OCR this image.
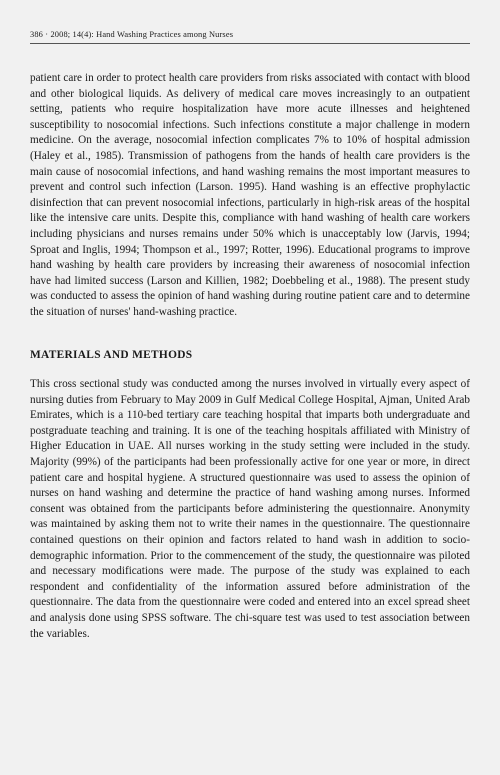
386 · 2008; 14(4): Hand Washing Practices among Nurses

patient care in order to protect health care providers from risks associated with contact with blood and other biological liquids. As delivery of medical care moves increasingly to an outpatient setting, patients who require hospitalization have more acute illnesses and heightened susceptibility to nosocomial infections. Such infections constitute a major challenge in modern medicine. On the average, nosocomial infection complicates 7% to 10% of hospital admission (Haley et al., 1985). Transmission of pathogens from the hands of health care providers is the main cause of nosocomial infections, and hand washing remains the most important measures to prevent and control such infection (Larson. 1995). Hand washing is an effective prophylactic disinfection that can prevent nosocomial infections, particularly in high-risk areas of the hospital like the intensive care units. Despite this, compliance with hand washing of health care workers including physicians and nurses remains under 50% which is unacceptably low (Jarvis, 1994; Sproat and Inglis, 1994; Thompson et al., 1997; Rotter, 1996). Educational programs to improve hand washing by health care providers by increasing their awareness of nosocomial infection have had limited success (Larson and Killien, 1982; Doebbeling et al., 1988). The present study was conducted to assess the opinion of hand washing during routine patient care and to determine the situation of nurses' hand-washing practice.

MATERIALS AND METHODS

This cross sectional study was conducted among the nurses involved in virtually every aspect of nursing duties from February to May 2009 in Gulf Medical College Hospital, Ajman, United Arab Emirates, which is a 110-bed tertiary care teaching hospital that imparts both undergraduate and postgraduate teaching and training. It is one of the teaching hospitals affiliated with Ministry of Higher Education in UAE. All nurses working in the study setting were included in the study. Majority (99%) of the participants had been professionally active for one year or more, in direct patient care and hospital hygiene. A structured questionnaire was used to assess the opinion of nurses on hand washing and determine the practice of hand washing among nurses. Informed consent was obtained from the participants before administering the questionnaire. Anonymity was maintained by asking them not to write their names in the questionnaire. The questionnaire contained questions on their opinion and factors related to hand wash in addition to socio-demographic information. Prior to the commencement of the study, the questionnaire was piloted and necessary modifications were made. The purpose of the study was explained to each respondent and confidentiality of the information assured before administration of the questionnaire. The data from the questionnaire were coded and entered into an excel spread sheet and analysis done using SPSS software. The chi-square test was used to test association between the variables.
